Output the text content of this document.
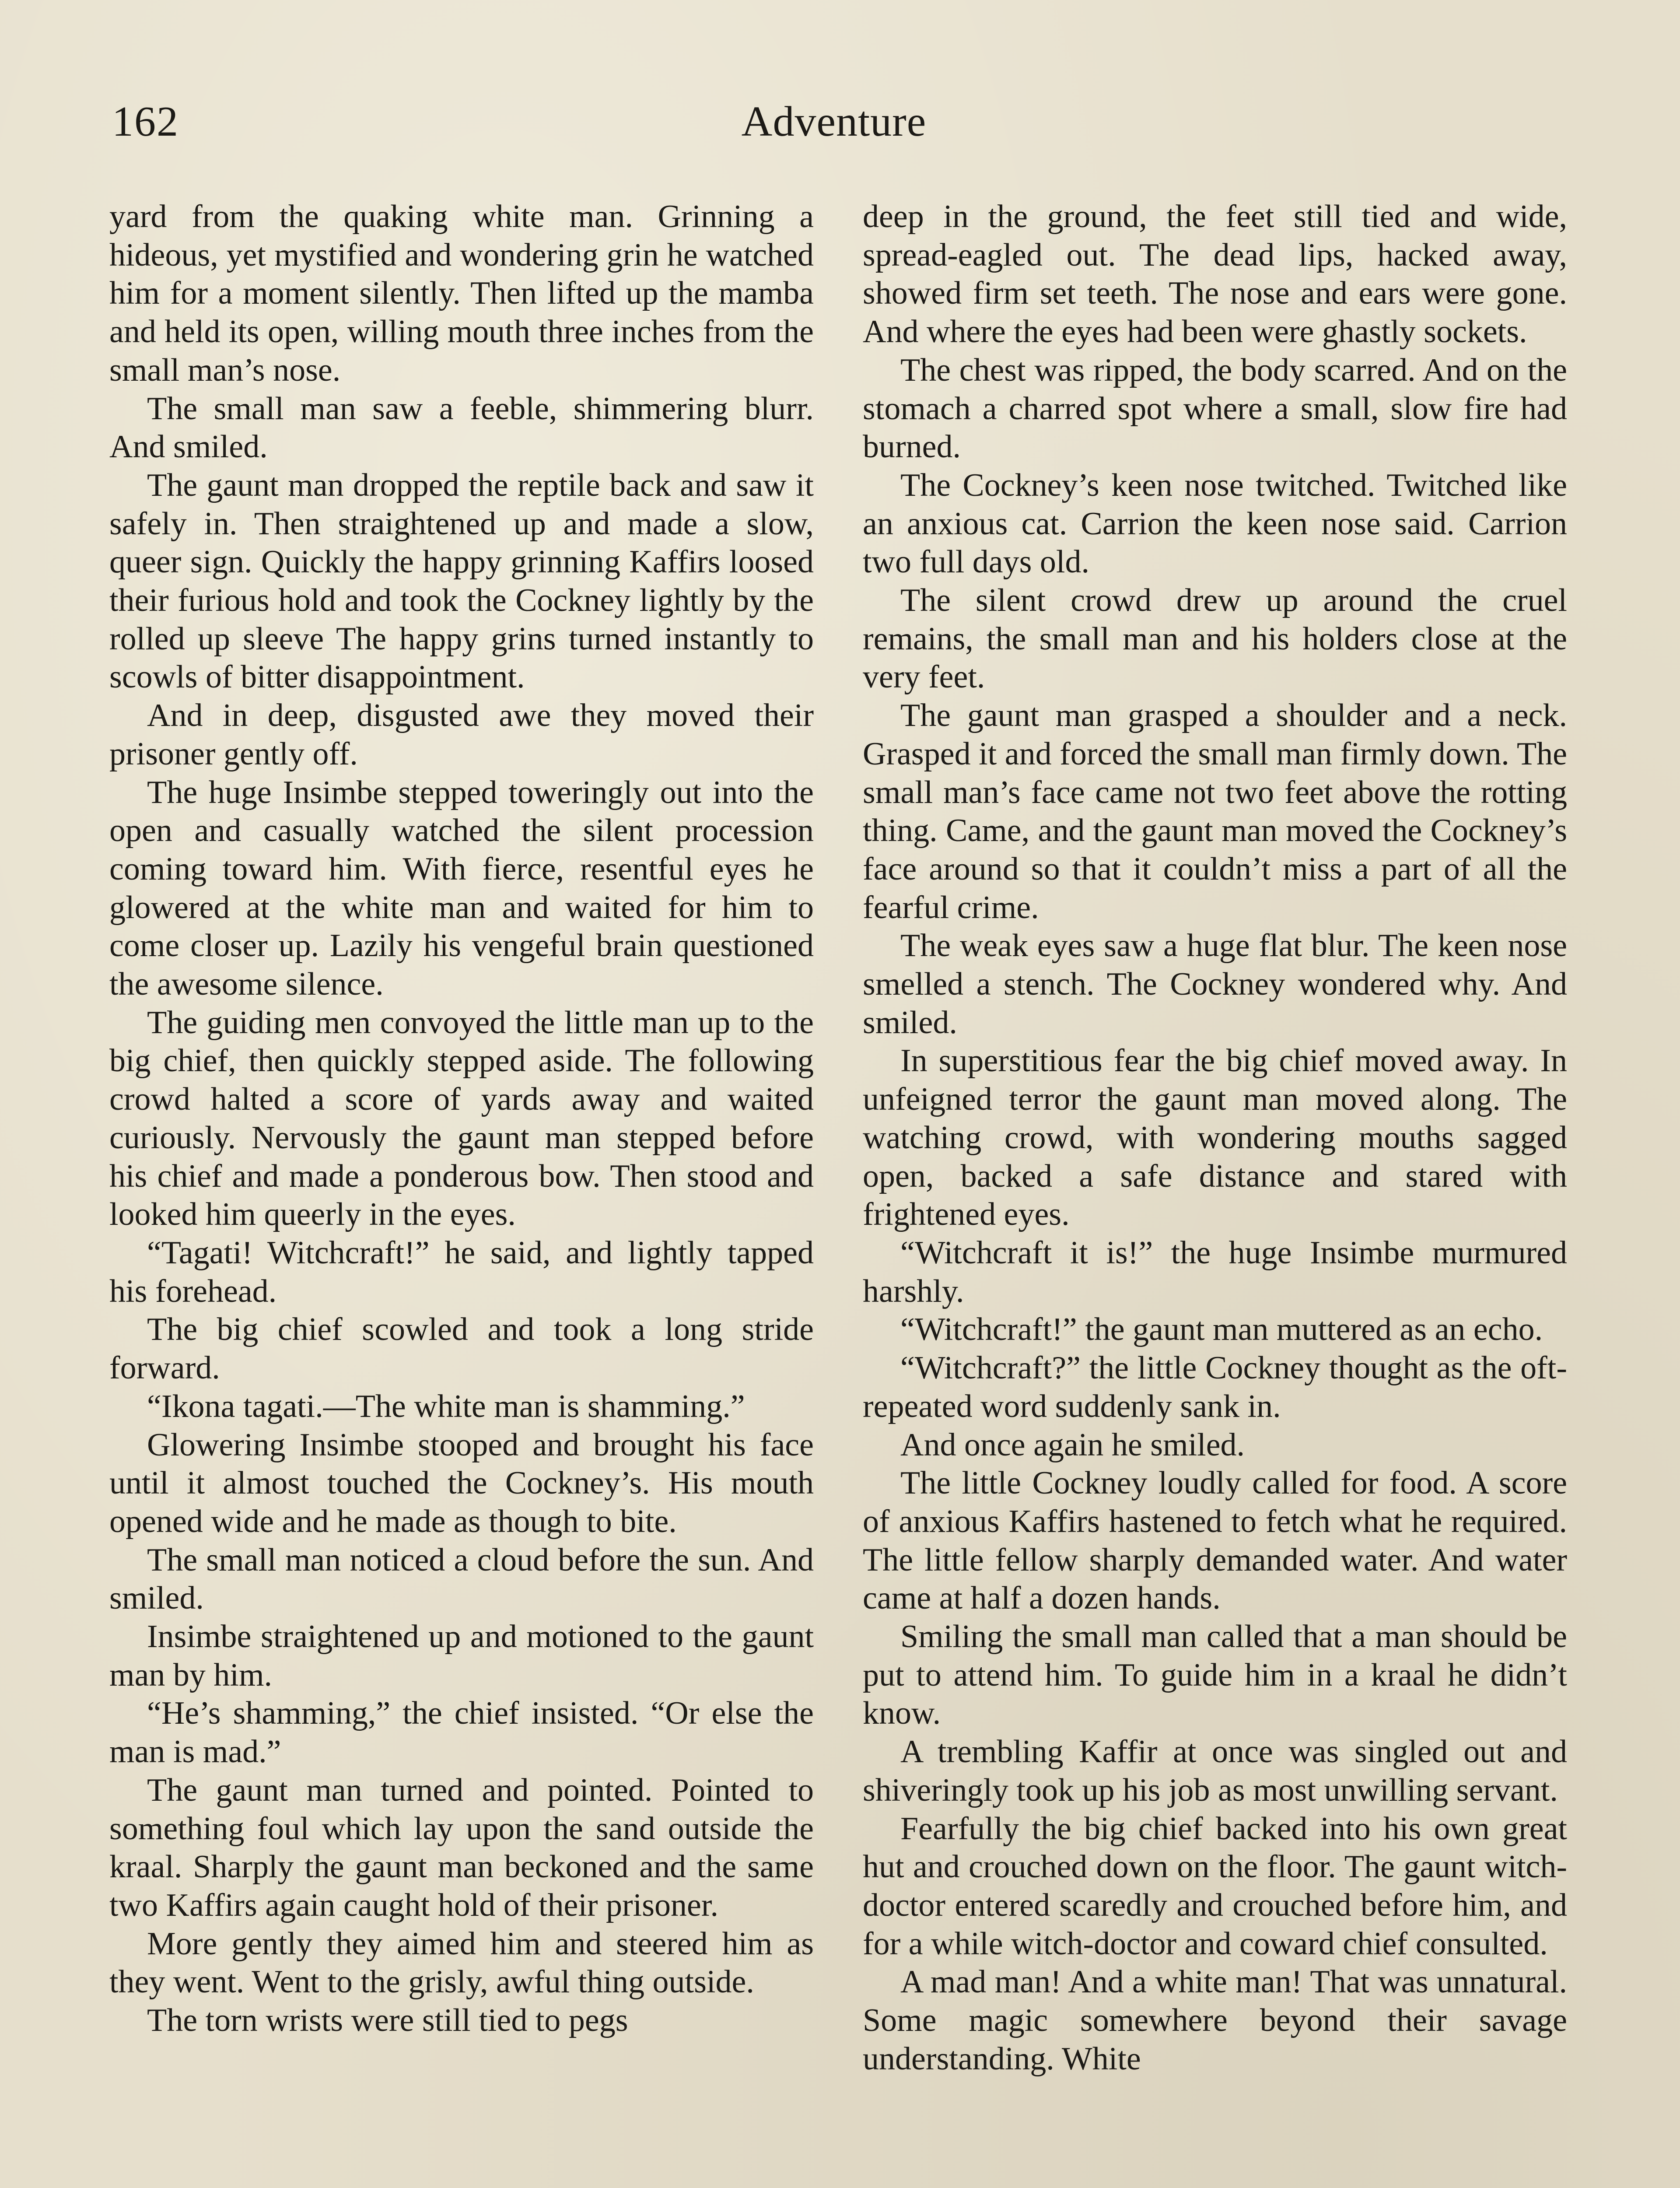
162	Adventure

yard from the quaking white man. Grinning a hideous, yet mystified and wondering grin he watched him for a moment silently. Then lifted up the mamba and held its open, willing mouth three inches from the small man’s nose.

The small man saw a feeble, shimmering blurr. And smiled.

The gaunt man dropped the reptile back and saw it safely in. Then straightened up and made a slow, queer sign. Quickly the happy grinning Kaffirs loosed their furious hold and took the Cockney lightly by the rolled up sleeve The happy grins turned instantly to scowls of bitter disappointment.

And in deep, disgusted awe they moved their prisoner gently off.

The huge Insimbe stepped toweringly out into the open and casually watched the silent procession coming toward him. With fierce, resentful eyes he glowered at the white man and waited for him to come closer up. Lazily his vengeful brain questioned the awesome silence.

The guiding men convoyed the little man up to the big chief, then quickly stepped aside. The following crowd halted a score of yards away and waited curiously. Nervously the gaunt man stepped before his chief and made a ponderous bow. Then stood and looked him queerly in the eyes.

“Tagati! Witchcraft!” he said, and lightly tapped his forehead.

The big chief scowled and took a long stride forward.

“Ikona tagati.—The white man is shamming.”

Glowering Insimbe stooped and brought his face until it almost touched the Cockney’s. His mouth opened wide and he made as though to bite.

The small man noticed a cloud before the sun. And smiled.

Insimbe straightened up and motioned to the gaunt man by him.

“He’s shamming,” the chief insisted. “Or else the man is mad.”

The gaunt man turned and pointed. Pointed to something foul which lay upon the sand outside the kraal. Sharply the gaunt man beckoned and the same two Kaffirs again caught hold of their prisoner.

More gently they aimed him and steered him as they went. Went to the grisly, awful thing outside.

The torn wrists were still tied to pegs

deep in the ground, the feet still tied and wide, spread-eagled out. The dead lips, hacked away, showed firm set teeth. The nose and ears were gone. And where the eyes had been were ghastly sockets.

The chest was ripped, the body scarred. And on the stomach a charred spot where a small, slow fire had burned.

The Cockney’s keen nose twitched. Twitched like an anxious cat. Carrion the keen nose said. Carrion two full days old.

The silent crowd drew up around the cruel remains, the small man and his holders close at the very feet.

The gaunt man grasped a shoulder and a neck. Grasped it and forced the small man firmly down. The small man’s face came not two feet above the rotting thing. Came, and the gaunt man moved the Cockney’s face around so that it couldn’t miss a part of all the fearful crime.

The weak eyes saw a huge flat blur. The keen nose smelled a stench. The Cockney wondered why. And smiled.

In superstitious fear the big chief moved away. In unfeigned terror the gaunt man moved along. The watching crowd, with wondering mouths sagged open, backed a safe distance and stared with frightened eyes.

“Witchcraft it is!” the huge Insimbe murmured harshly.

“Witchcraft!” the gaunt man muttered as an echo.

“Witchcraft?” the little Cockney thought as the oft-repeated word suddenly sank in.

And once again he smiled.

The little Cockney loudly called for food. A score of anxious Kaffirs hastened to fetch what he required. The little fellow sharply demanded water. And water came at half a dozen hands.

Smiling the small man called that a man should be put to attend him. To guide him in a kraal he didn’t know.

A trembling Kaffir at once was singled out and shiveringly took up his job as most unwilling servant.

Fearfully the big chief backed into his own great hut and crouched down on the floor. The gaunt witch-doctor entered scaredly and crouched before him, and for a while witch-doctor and coward chief consulted.

A mad man! And a white man! That was unnatural. Some magic somewhere beyond their savage understanding. White
